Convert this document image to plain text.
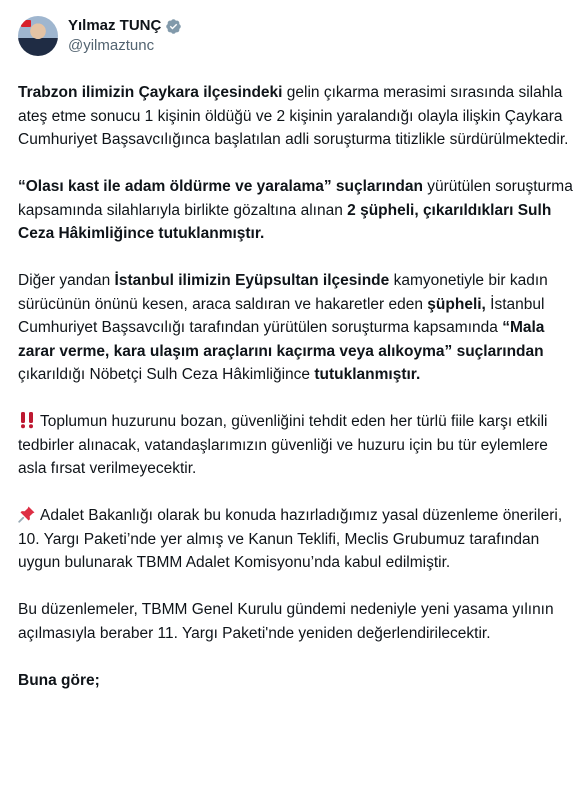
Yılmaz TUNÇ
@yilmaztunc

Trabzon ilimizin Çaykara ilçesindeki gelin çıkarma merasimi sırasında silahla ateş etme sonucu 1 kişinin öldüğü ve 2 kişinin yaralandığı olayla ilişkin Çaykara Cumhuriyet Başsavcılığınca başlatılan adli soruşturma titizlikle sürdürülmektedir.

“Olası kast ile adam öldürme ve yaralama” suçlarından yürütülen soruşturma kapsamında silahlarıyla birlikte gözaltına alınan 2 şüpheli, çıkarıldıkları Sulh Ceza Hâkimliğince tutuklanmıştır.

Diğer yandan İstanbul ilimizin Eyüpsultan ilçesinde kamyonetiyle bir kadın sürücünün önünü kesen, araca saldıran ve hakaretler eden şüpheli, İstanbul Cumhuriyet Başsavcılığı tarafından yürütülen soruşturma kapsamında “Mala zarar verme, kara ulaşım araçlarını kaçırma veya alıkoyma” suçlarından çıkarıldığı Nöbetçi Sulh Ceza Hâkimliğince tutuklanmıştır.

Toplumun huzurunu bozan, güvenliğini tehdit eden her türlü fiile karşı etkili tedbirler alınacak, vatandaşlarımızın güvenliği ve huzuru için bu tür eylemlere asla fırsat verilmeyecektir.

Adalet Bakanlığı olarak bu konuda hazırladığımız yasal düzenleme önerileri, 10. Yargı Paketi’nde yer almış ve Kanun Teklifi, Meclis Grubumuz tarafından uygun bulunarak TBMM Adalet Komisyonu’nda kabul edilmiştir.

Bu düzenlemeler, TBMM Genel Kurulu gündemi nedeniyle yeni yasama yılının açılmasıyla beraber 11. Yargı Paketi'nde yeniden değerlendirilecektir.

Buna göre;
